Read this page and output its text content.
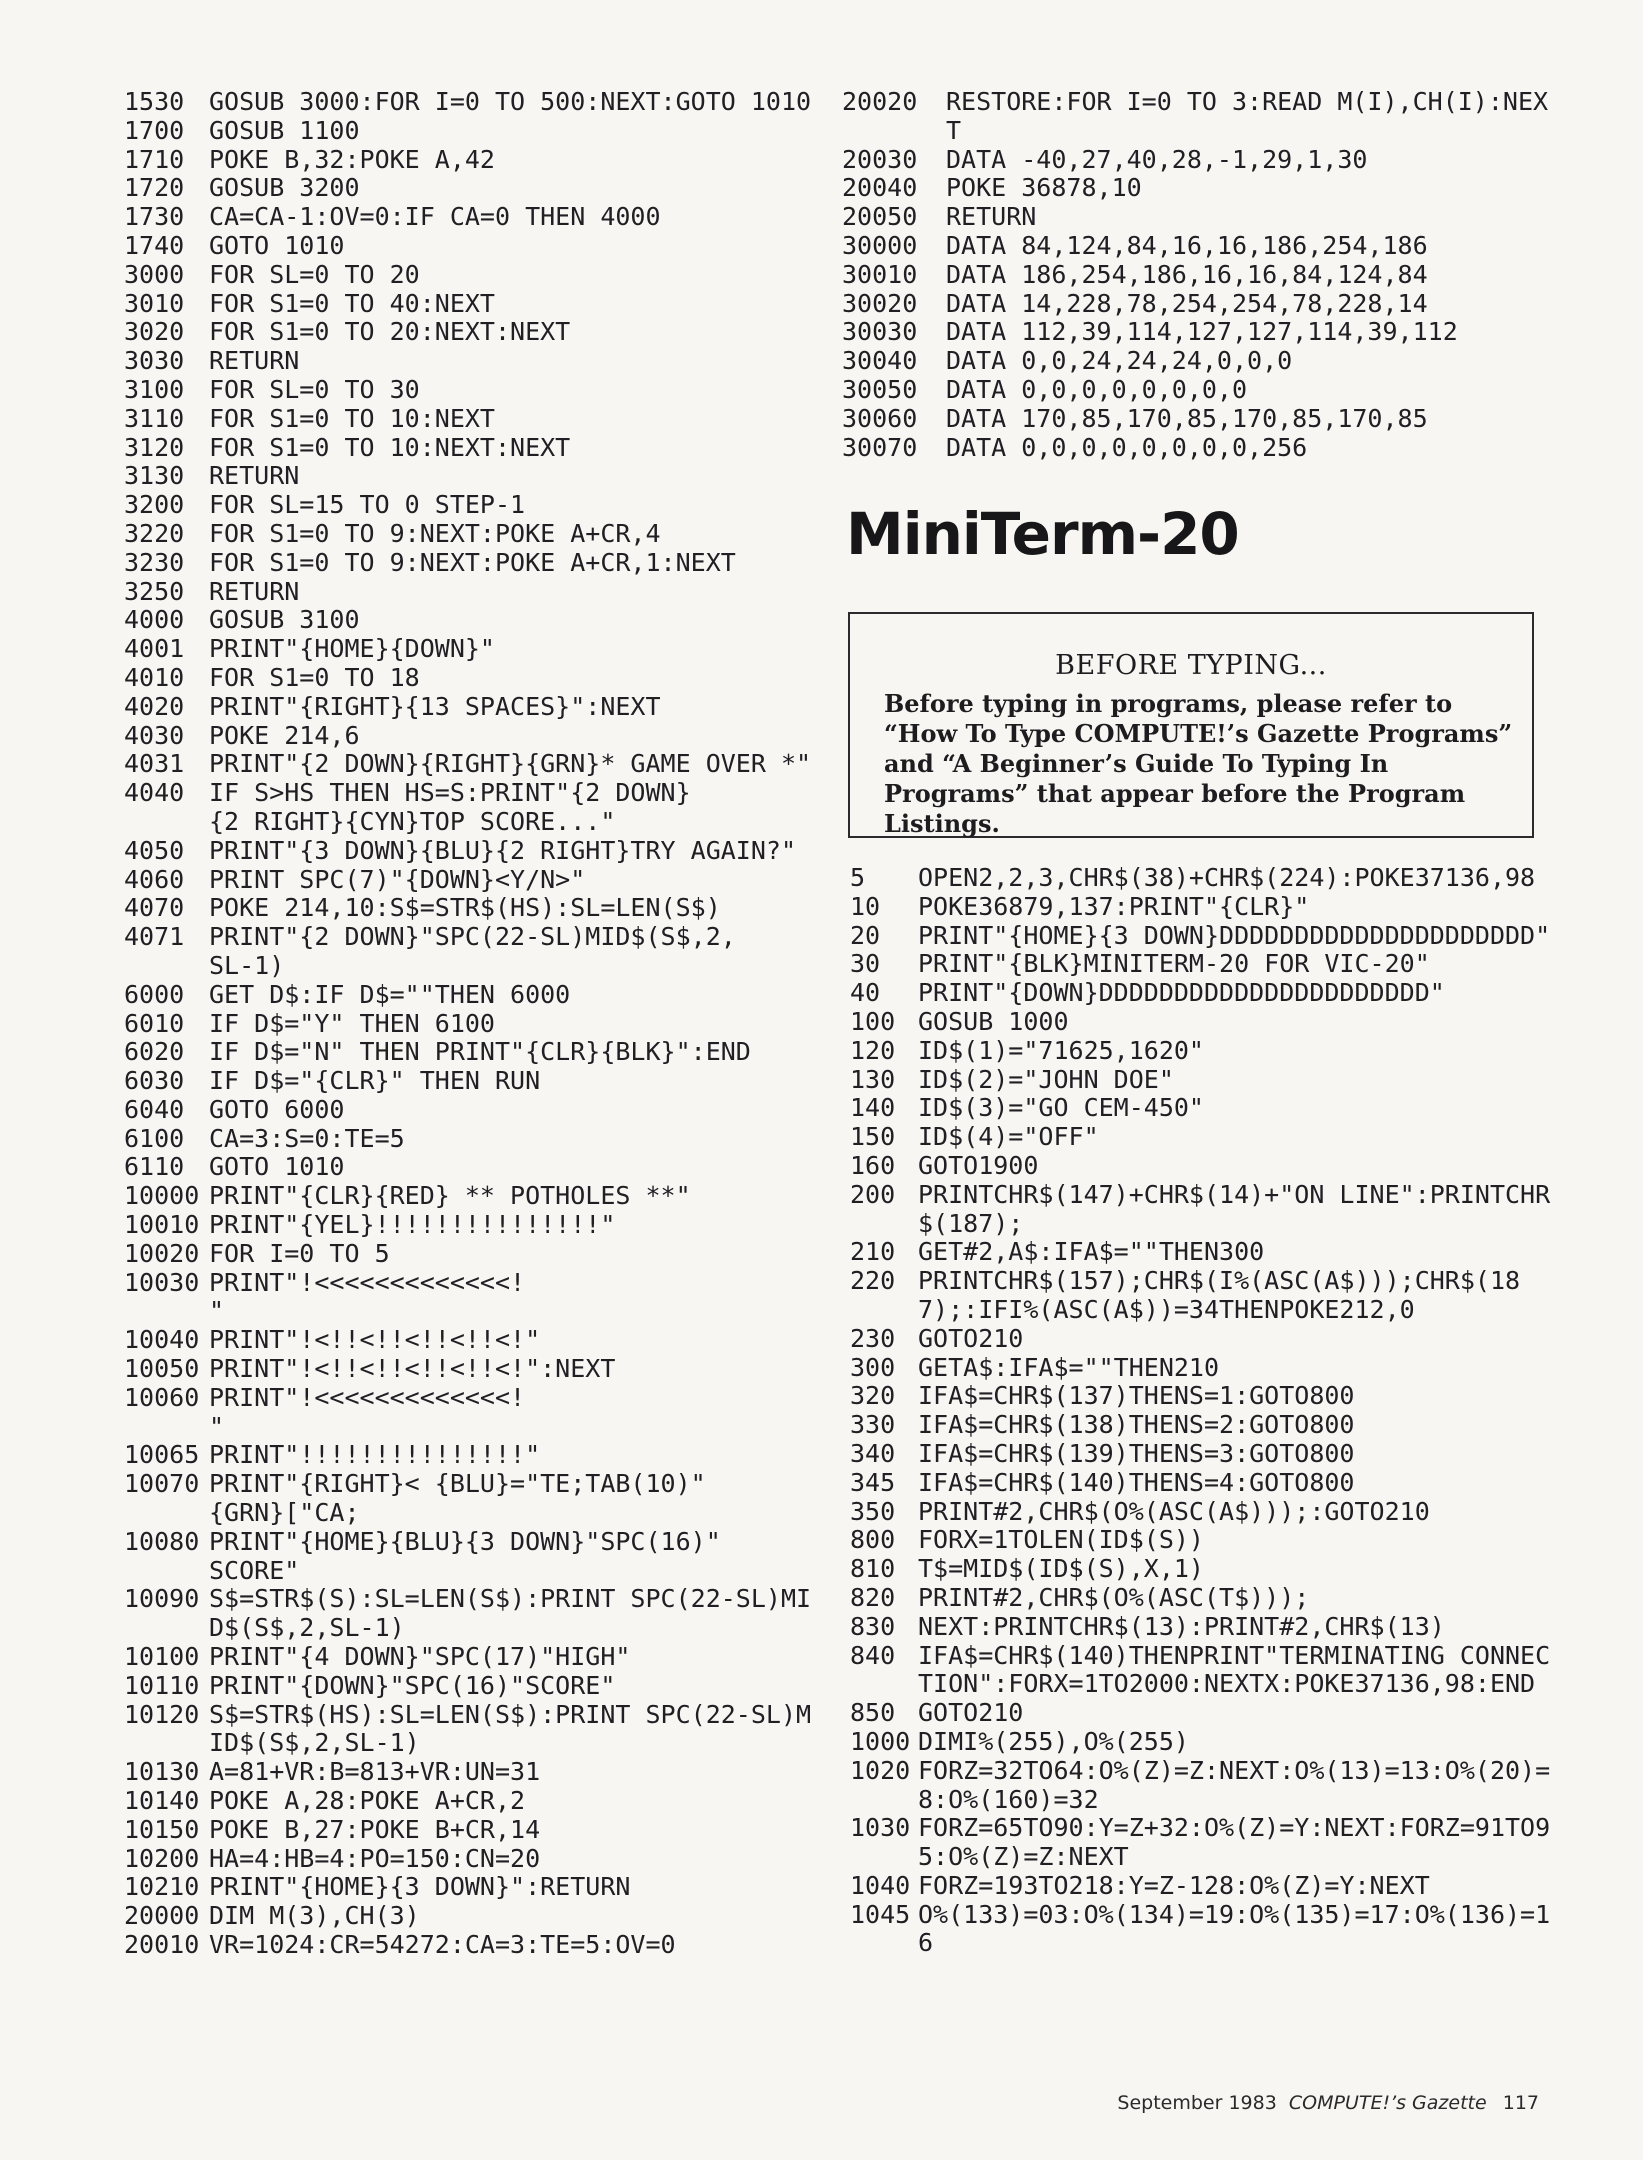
1530 GOSUB 3000:FOR I=0 TO 500:NEXT:GOTO 1010
1700 GOSUB 1100
1710 POKE B,32:POKE A,42
1720 GOSUB 3200
1730 CA=CA-1:OV=0:IF CA=0 THEN 4000
1740 GOTO 1010
3000 FOR SL=0 TO 20
3010 FOR S1=0 TO 40:NEXT
3020 FOR S1=0 TO 20:NEXT:NEXT
3030 RETURN
3100 FOR SL=0 TO 30
3110 FOR S1=0 TO 10:NEXT
3120 FOR S1=0 TO 10:NEXT:NEXT
3130 RETURN
3200 FOR SL=15 TO 0 STEP-1
3220 FOR S1=0 TO 9:NEXT:POKE A+CR,4
3230 FOR S1=0 TO 9:NEXT:POKE A+CR,1:NEXT
3250 RETURN
4000 GOSUB 3100
4001 PRINT"{HOME}{DOWN}"
4010 FOR S1=0 TO 18
4020 PRINT"{RIGHT}{13 SPACES}":NEXT
4030 POKE 214,6
4031 PRINT"{2 DOWN}{RIGHT}{GRN}* GAME OVER *"
4040 IF S>HS THEN HS=S:PRINT"{2 DOWN}
{2 RIGHT}{CYN}TOP SCORE..."
4050 PRINT"{3 DOWN}{BLU}{2 RIGHT}TRY AGAIN?"
4060 PRINT SPC(7)"{DOWN}<Y/N>"
4070 POKE 214,10:S$=STR$(HS):SL=LEN(S$)
4071 PRINT"{2 DOWN}"SPC(22-SL)MID$(S$,2,
SL-1)
6000 GET D$:IF D$=""THEN 6000
6010 IF D$="Y" THEN 6100
6020 IF D$="N" THEN PRINT"{CLR}{BLK}":END
6030 IF D$="{CLR}" THEN RUN
6040 GOTO 6000
6100 CA=3:S=0:TE=5
6110 GOTO 1010
10000 PRINT"{CLR}{RED} ** POTHOLES **"
10010 PRINT"{YEL}!!!!!!!!!!!!!!!"
10020 FOR I=0 TO 5
10030 PRINT"!<<<<<<<<<<<<<!
"
10040 PRINT"!<!!<!!<!!<!!<!"
10050 PRINT"!<!!<!!<!!<!!<!":NEXT
10060 PRINT"!<<<<<<<<<<<<<!
"
10065 PRINT"!!!!!!!!!!!!!!!"
10070 PRINT"{RIGHT}< {BLU}="TE;TAB(10)"
{GRN}["CA;
10080 PRINT"{HOME}{BLU}{3 DOWN}"SPC(16)"
SCORE"
10090 S$=STR$(S):SL=LEN(S$):PRINT SPC(22-SL)MID$(S$,2,SL-1)
10100 PRINT"{4 DOWN}"SPC(17)"HIGH"
10110 PRINT"{DOWN}"SPC(16)"SCORE"
10120 S$=STR$(HS):SL=LEN(S$):PRINT SPC(22-SL)MID$(S$,2,SL-1)
10130 A=81+VR:B=813+VR:UN=31
10140 POKE A,28:POKE A+CR,2
10150 POKE B,27:POKE B+CR,14
10200 HA=4:HB=4:PO=150:CN=20
10210 PRINT"{HOME}{3 DOWN}":RETURN
20000 DIM M(3),CH(3)
20010 VR=1024:CR=54272:CA=3:TE=5:OV=0
20020	RESTORE:FOR I=0 TO 3:READ M(I),CH(I):NEXT
20030	DATA -40,27,40,28,-1,29,1,30
20040	POKE 36878,10
20050	RETURN
30000	DATA 84,124,84,16,16,186,254,186
30010	DATA 186,254,186,16,16,84,124,84
30020	DATA 14,228,78,254,254,78,228,14
30030	DATA 112,39,114,127,127,114,39,112
30040	DATA 0,0,24,24,24,0,0,0
30050	DATA 0,0,0,0,0,0,0,0
30060	DATA 170,85,170,85,170,85,170,85
30070	DATA 0,0,0,0,0,0,0,0,256
MiniTerm-20
BEFORE TYPING...
Before typing in programs, please refer to “How To Type COMPUTE!’s Gazette Programs” and “A Beginner’s Guide To Typing In Programs” that appear before the Program Listings.
5	OPEN2,2,3,CHR$(38)+CHR$(224):POKE37136,98
10	POKE36879,137:PRINT"{CLR}"
20	PRINT"{HOME}{3 DOWN}DDDDDDDDDDDDDDDDDDDDD"
30	PRINT"{BLK}MINITERM-20 FOR VIC-20"
40	PRINT"{DOWN}DDDDDDDDDDDDDDDDDDDDDD"
100 GOSUB 1000
120 ID$(1)="71625,1620"
130 ID$(2)="JOHN DOE"
140 ID$(3)="GO CEM-450"
150 ID$(4)="OFF"
160 GOTO1900
200 PRINTCHR$(147)+CHR$(14)+"ON LINE":PRINTCHR$(187);
210 GET#2,A$:IFA$=""THEN300
220 PRINTCHR$(157);CHR$(I%(ASC(A$)));CHR$(187);:IFI%(ASC(A$))=34THENPOKE212,0
230 GOTO210
300 GETA$:IFA$=""THEN210
320 IFA$=CHR$(137)THENS=1:GOTO800
330 IFA$=CHR$(138)THENS=2:GOTO800
340 IFA$=CHR$(139)THENS=3:GOTO800
345 IFA$=CHR$(140)THENS=4:GOTO800
350 PRINT#2,CHR$(O%(ASC(A$)));:GOTO210
800 FORX=1TOLEN(ID$(S))
810 T$=MID$(ID$(S),X,1)
820 PRINT#2,CHR$(O%(ASC(T$)));
830 NEXT:PRINTCHR$(13):PRINT#2,CHR$(13)
840 IFA$=CHR$(140)THENPRINT"TERMINATING CONNECTION":FORX=1TO2000:NEXTX:POKE37136,98:END
850 GOTO210
1000 DIMI%(255),O%(255)
1020 FORZ=32TO64:O%(Z)=Z:NEXT:O%(13)=13:O%(20)=8:O%(160)=32
1030 FORZ=65TO90:Y=Z+32:O%(Z)=Y:NEXT:FORZ=91TO95:O%(Z)=Z:NEXT
1040 FORZ=193TO218:Y=Z-128:O%(Z)=Y:NEXT
1045 O%(133)=03:O%(134)=19:O%(135)=17:O%(136)=16
September 1983 COMPUTE!’s Gazette 117
